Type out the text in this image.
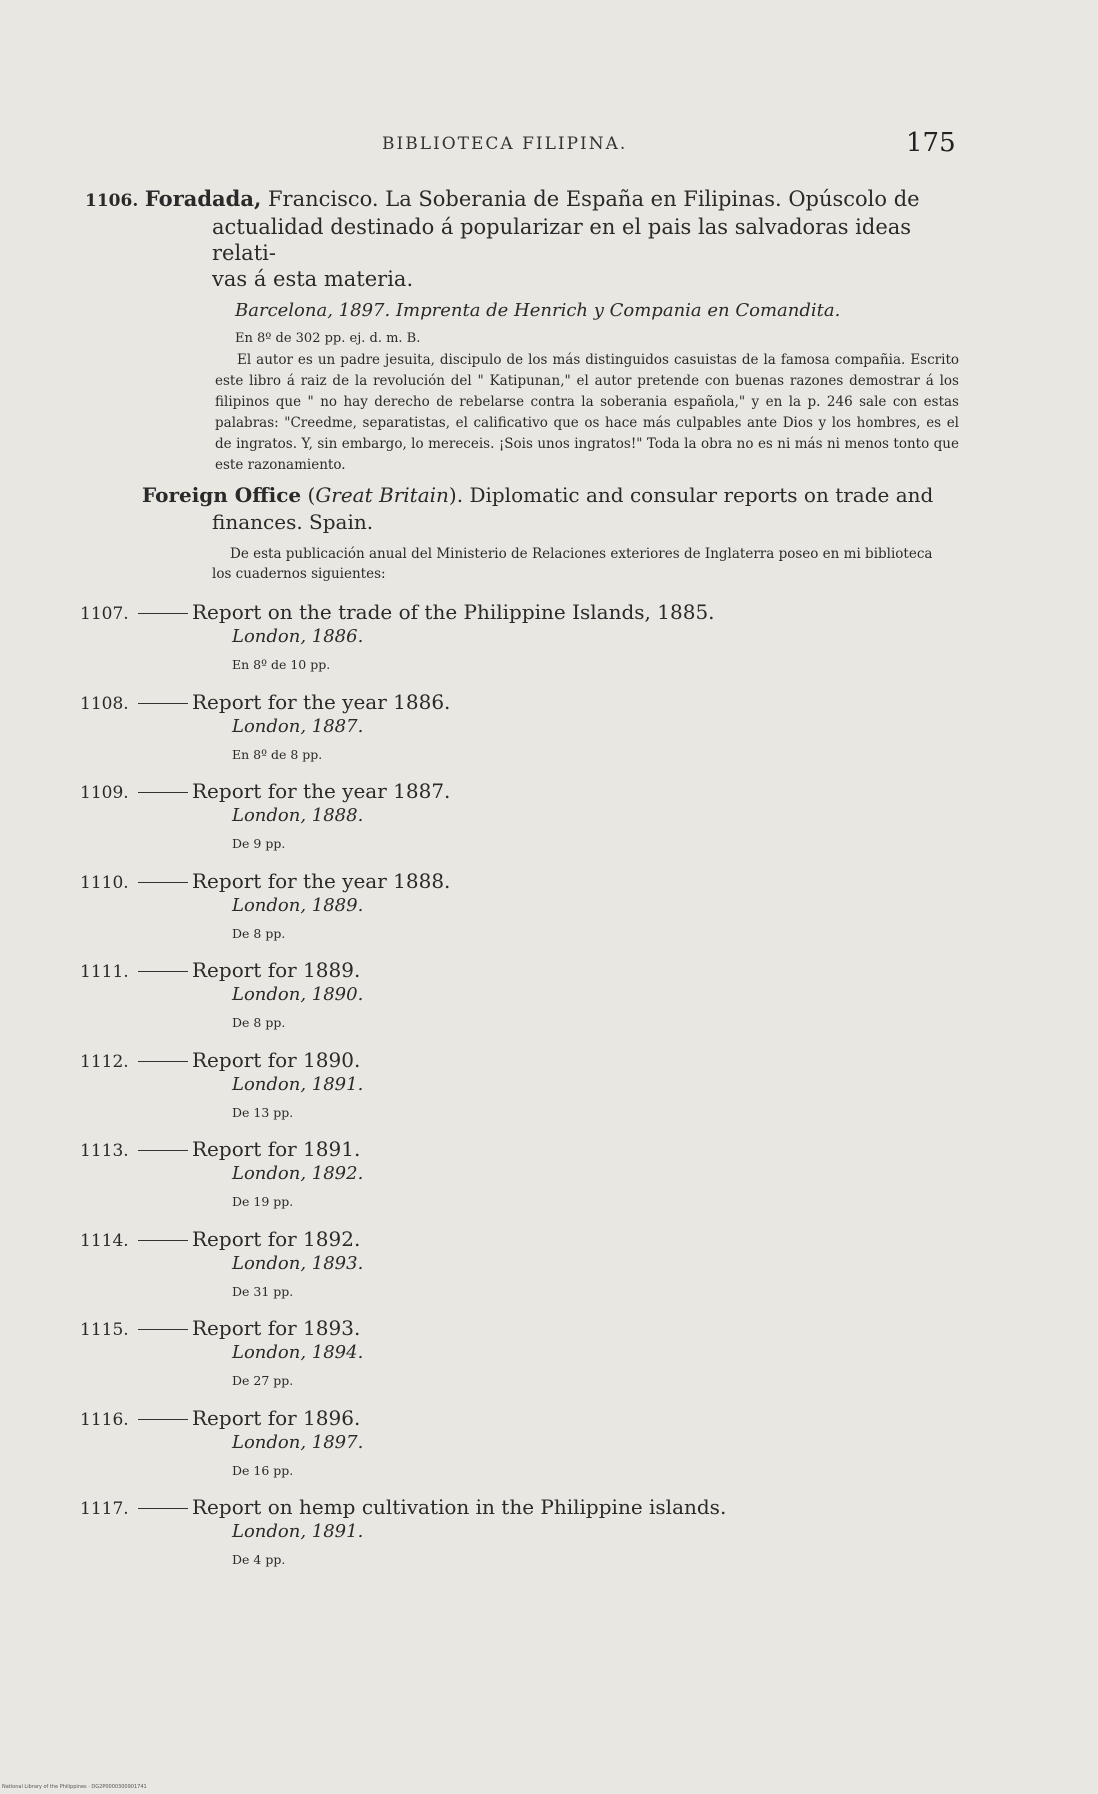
BIBLIOTECA FILIPINA.	175
1106. Foradada, Francisco. La Soberania de España en Filipinas. Opúscolo de
actualidad destinado á popularizar en el pais las salvadoras ideas relati-
vas á esta materia.
Barcelona, 1897. Imprenta de Henrich y Compania en Comandita.
En 8º de 302 pp. ej. d. m. B.
El autor es un padre jesuita, discipulo de los más distinguidos casuistas de la famosa compañia. Escrito este libro á raiz de la revolución del " Katipunan," el autor pretende con buenas razones demostrar á los filipinos que " no hay derecho de rebelarse contra la soberania española," y en la p. 246 sale con estas palabras: "Creedme, separatistas, el calificativo que os hace más culpables ante Dios y los hombres, es el de ingratos. Y, sin embargo, lo mereceis. ¡Sois unos ingratos!" Toda la obra no es ni más ni menos tonto que este razonamiento.
Foreign Office (Great Britain). Diplomatic and consular reports on trade and
finances. Spain.
De esta publicación anual del Ministerio de Relaciones exteriores de Inglaterra poseo en mi biblioteca los cuadernos siguientes:
1107.	Report on the trade of the Philippine Islands, 1885.
London, 1886.
En 8º de 10 pp.
1108.	Report for the year 1886.
London, 1887.
En 8º de 8 pp.
1109.	Report for the year 1887.
London, 1888.
De 9 pp.
1110.	Report for the year 1888.
London, 1889.
De 8 pp.
1111.	Report for 1889.
London, 1890.
De 8 pp.
1112.	Report for 1890.
London, 1891.
De 13 pp.
1113.	Report for 1891.
London, 1892.
De 19 pp.
1114.	Report for 1892.
London, 1893.
De 31 pp.
1115.	Report for 1893.
London, 1894.
De 27 pp.
1116.	Report for 1896.
London, 1897.
De 16 pp.
1117.	Report on hemp cultivation in the Philippine islands.
London, 1891.
De 4 pp.
National Library of the Philippines · DG2P0000300901741
